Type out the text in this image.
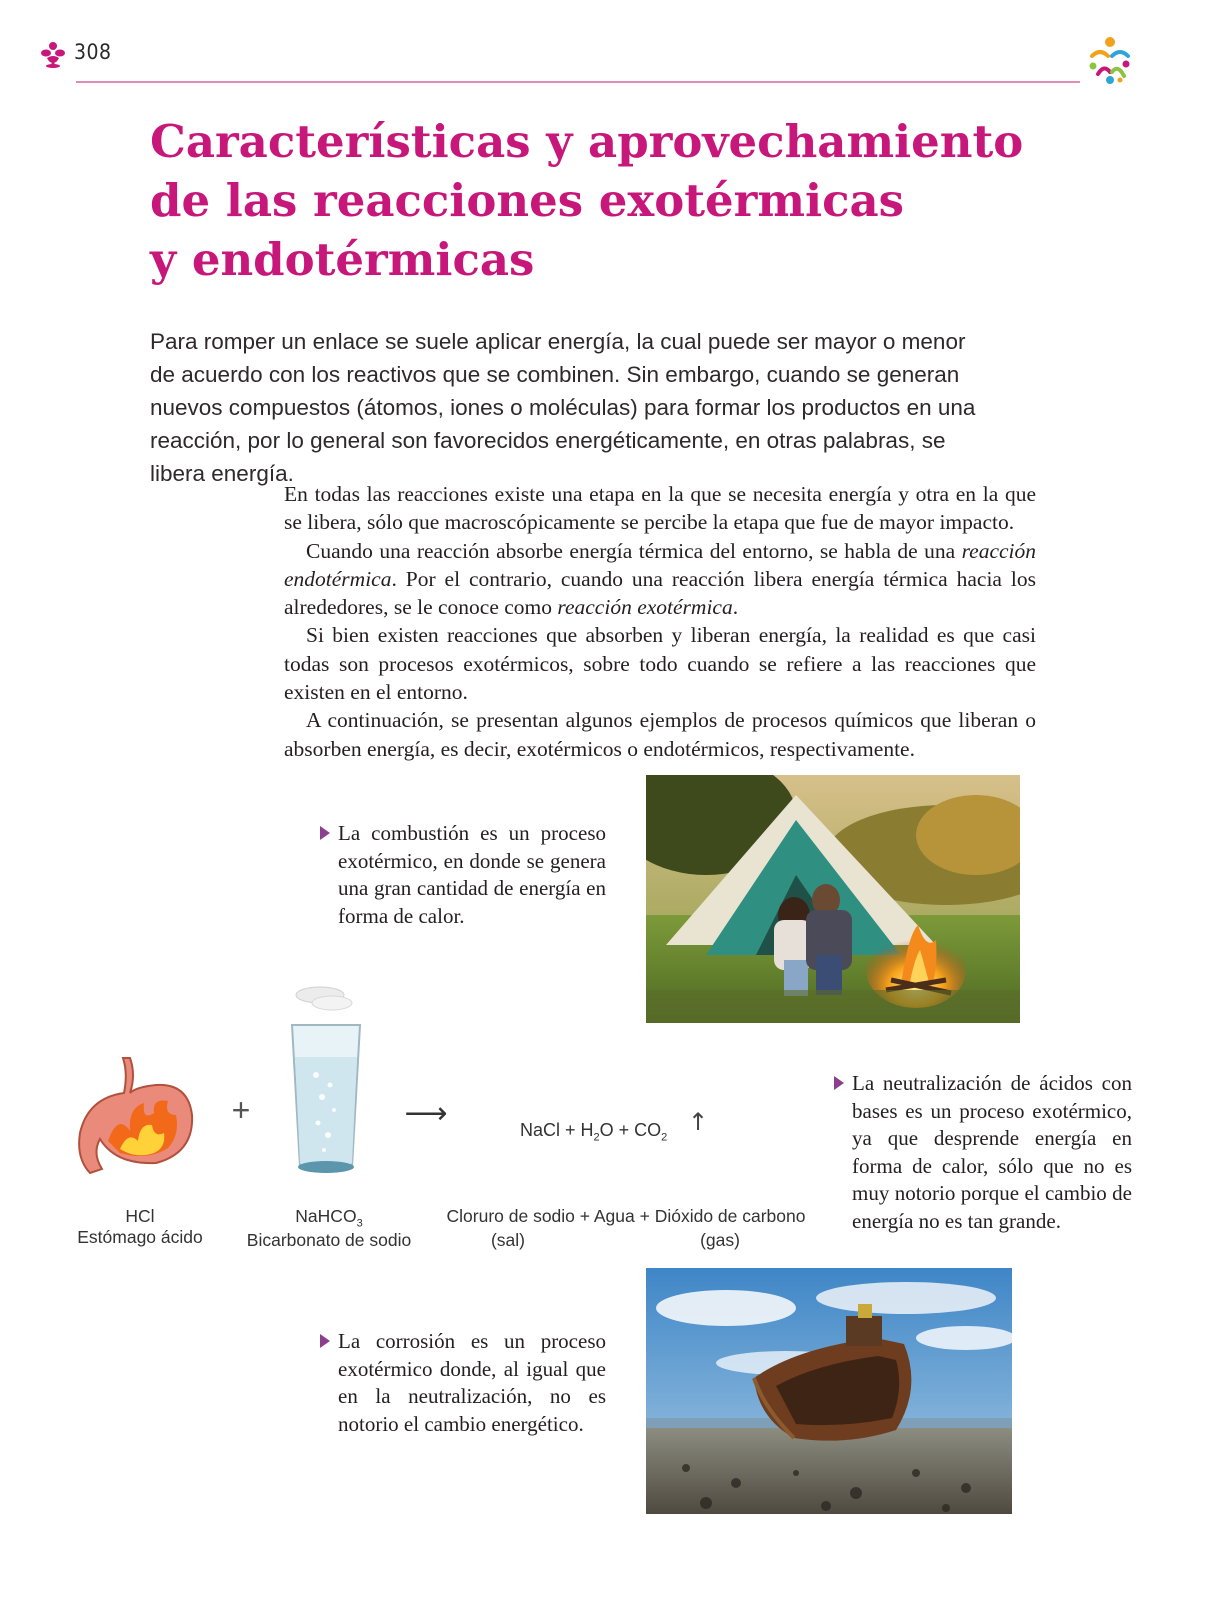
308
Características y aprovechamiento
de las reacciones exotérmicas
y endotérmicas
Para romper un enlace se suele aplicar energía, la cual puede ser mayor o menor de acuerdo con los reactivos que se combinen. Sin embargo, cuando se generan nuevos compuestos (átomos, iones o moléculas) para formar los productos en una reacción, por lo general son favorecidos energéticamente, en otras palabras, se libera energía.

En todas las reacciones existe una etapa en la que se necesita energía y otra en la que se libera, sólo que macroscópicamente se percibe la etapa que fue de mayor impacto.

Cuando una reacción absorbe energía térmica del entorno, se habla de una reacción endotérmica. Por el contrario, cuando una reacción libera energía térmica hacia los alrededores, se le conoce como reacción exotérmica.

Si bien existen reacciones que absorben y liberan energía, la realidad es que casi todas son procesos exotérmicos, sobre todo cuando se refiere a las reacciones que existen en el entorno.

A continuación, se presentan algunos ejemplos de procesos químicos que liberan o absorben energía, es decir, exotérmicos o endotérmicos, respectivamente.

La combustión es un proceso exotérmico, en donde se genera una gran cantidad de energía en forma de calor.
+	⟶	NaCl + $H_2O + CO_2$
↑
HCl
Estómago ácido
NaHCO$_3$
Bicarbonato de sodio
Cloruro de sodio + Agua + Dióxido de carbono
(sal)	(gas)
La neutralización de ácidos con bases es un proceso exotérmico, ya que desprende energía en forma de calor, sólo que no es muy notorio porque el cambio de energía no es tan grande.
La corrosión es un proceso exotérmico donde, al igual que en la neutralización, no es notorio el cambio energético.
